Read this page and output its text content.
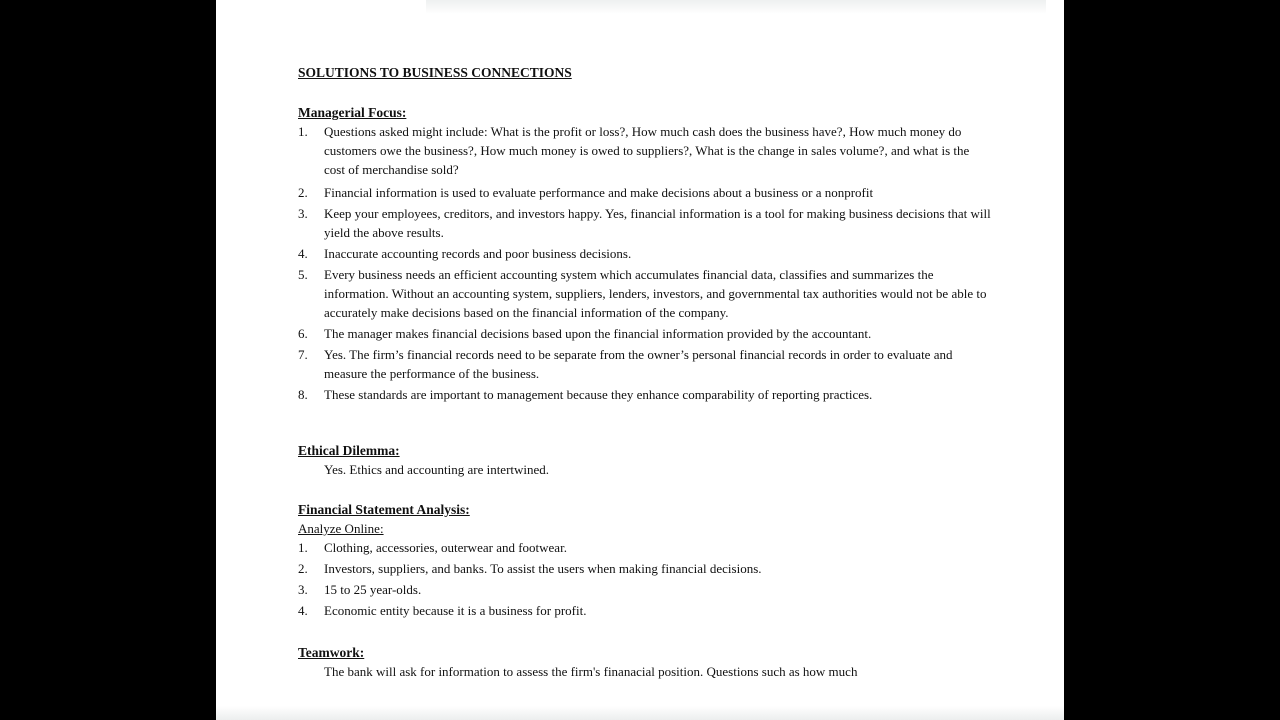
SOLUTIONS TO BUSINESS CONNECTIONS

Managerial Focus:

1.	Questions asked might include: What is the profit or loss?, How much cash does the business have?, How much money do customers owe the business?, How much money is owed to suppliers?, What is the change in sales volume?, and what is the cost of merchandise sold?
2.	Financial information is used to evaluate performance and make decisions about a business or a nonprofit
3.	Keep your employees, creditors, and investors happy. Yes, financial information is a tool for making business decisions that will yield the above results.
4.	Inaccurate accounting records and poor business decisions.
5.	Every business needs an efficient accounting system which accumulates financial data, classifies and summarizes the information. Without an accounting system, suppliers, lenders, investors, and governmental tax authorities would not be able to accurately make decisions based on the financial information of the company.
6.	The manager makes financial decisions based upon the financial information provided by the accountant.
7.	Yes. The firm’s financial records need to be separate from the owner’s personal financial records in order to evaluate and measure the performance of the business.
8.	These standards are important to management because they enhance comparability of reporting practices.

Ethical Dilemma:

Yes. Ethics and accounting are intertwined.

Financial Statement Analysis:

Analyze Online:

1.	Clothing, accessories, outerwear and footwear.
2.	Investors, suppliers, and banks. To assist the users when making financial decisions.
3.	15 to 25 year-olds.
4.	Economic entity because it is a business for profit.

Teamwork:

The bank will ask for information to assess the firm's finanacial position. Questions such as how much
